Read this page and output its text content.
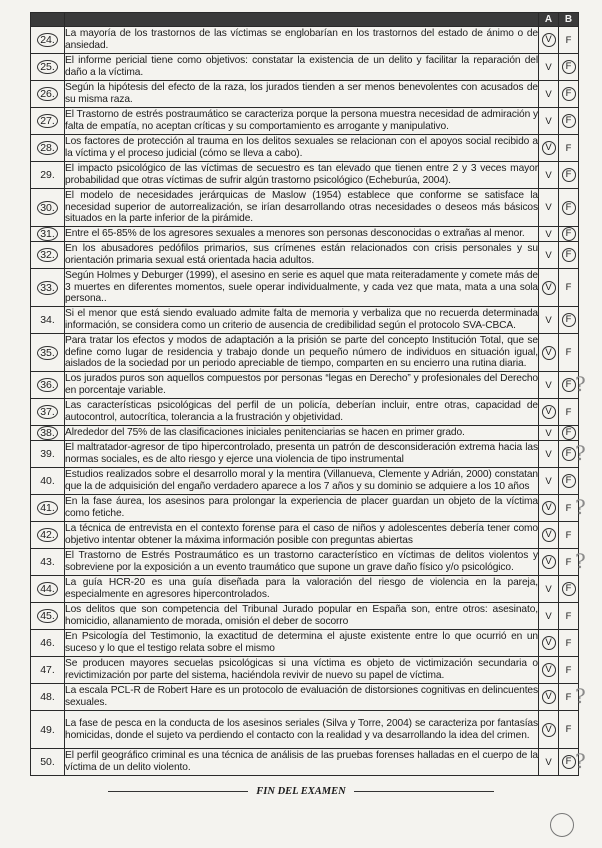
		A	B
24.	La mayoría de los trastornos de las víctimas se englobarían en los trastornos del estado de ánimo o de ansiedad.	V	F
25.	El informe pericial tiene como objetivos: constatar la existencia de un delito y facilitar la reparación del daño a la víctima.	V	F
26.	Según la hipótesis del efecto de la raza, los jurados tienden a ser menos benevolentes con acusados de su misma raza.	V	F
27.	El Trastorno de estrés postraumático se caracteriza porque la persona muestra necesidad de admiración y falta de empatía, no aceptan críticas y su comportamiento es arrogante y manipulativo.	V	F
28.	Los factores de protección al trauma en los delitos sexuales se relacionan con el apoyos social recibido a la víctima y el proceso judicial (cómo se lleva a cabo).	V	F
29.	El impacto psicológico de las víctimas de secuestro es tan elevado que tienen entre 2 y 3 veces mayor probabilidad que otras víctimas de sufrir algún trastorno psicológico (Echeburúa, 2004).	V	F
30.	El modelo de necesidades jerárquicas de Maslow (1954) establece que conforme se satisface la necesidad superior de autorrealización, se irían desarrollando otras necesidades o deseos más básicos situados en la parte inferior de la pirámide.	V	F
31.	Entre el 65-85% de los agresores sexuales a menores son personas desconocidas o extrañas al menor.	V	F
32.	En los abusadores pedófilos primarios, sus crímenes están relacionados con crisis personales y su orientación primaria sexual está orientada hacia adultos.	V	F
33.	Según Holmes y Deburger (1999), el asesino en serie es aquel que mata reiteradamente y comete más de 3 muertes en diferentes momentos, suele operar individualmente, y cada vez que mata, mata a una sola persona..	V	F
34.	Si el menor que está siendo evaluado admite falta de memoria y verbaliza que no recuerda determinada información, se considera como un criterio de ausencia de credibilidad según el protocolo SVA-CBCA.	V	F
35.	Para tratar los efectos y modos de adaptación a la prisión se parte del concepto Institución Total, que se define como lugar de residencia y trabajo donde un pequeño número de individuos en situación igual, aislados de la sociedad por un periodo apreciable de tiempo, comparten en su encierro una rutina diaria.	V	F
36.	Los jurados puros son aquellos compuestos por personas “legas en Derecho” y profesionales del Derecho en porcentaje variable.	V	F
37.	Las características psicológicas del perfil de un policía, deberían incluir, entre otras, capacidad de autocontrol, autocrítica, tolerancia a la frustración y objetividad.	V	F
38.	Alrededor del 75% de las clasificaciones iniciales penitenciarias se hacen en primer grado.	V	F
39.	El maltratador-agresor de tipo hipercontrolado, presenta un patrón de desconsideración extrema hacia las normas sociales, es de alto riesgo y ejerce una violencia de tipo instrumental	V	F
40.	Estudios realizados sobre el desarrollo moral y la mentira (Villanueva, Clemente y Adrián, 2000) constatan que la de adquisición del engaño verdadero aparece a los 7 años y su dominio se adquiere a los 10 años	V	F
41.	En la fase áurea, los asesinos para prolongar la experiencia de placer guardan un objeto de la víctima como fetiche.	V	F
42.	La técnica de entrevista en el contexto forense para el caso de niños y adolescentes debería tener como objetivo intentar obtener la máxima información posible con preguntas abiertas	V	F
43.	El Trastorno de Estrés Postraumático es un trastorno característico en víctimas de delitos violentos y sobreviene por la exposición a un evento traumático que supone un grave daño físico y/o psicológico.	V	F
44.	La guía HCR-20 es una guía diseñada para la valoración del riesgo de violencia en la pareja, especialmente en agresores hipercontrolados.	V	F
45.	Los delitos que son competencia del Tribunal Jurado popular en España son, entre otros: asesinato, homicidio, allanamiento de morada, omisión el deber de socorro	V	F
46.	En Psicología del Testimonio, la exactitud de determina el ajuste existente entre lo que ocurrió en un suceso y lo que el testigo relata sobre el mismo	V	F
47.	Se producen mayores secuelas psicológicas si una víctima es objeto de victimización secundaria o revictimización por parte del sistema, haciéndola revivir de nuevo su papel de víctima.	V	F
48.	La escala PCL-R de Robert Hare es un protocolo de evaluación de distorsiones cognitivas en delincuentes sexuales.	V	F
49.	La fase de pesca en la conducta de los asesinos seriales (Silva y Torre, 2004) se caracteriza por fantasías homicidas, donde el sujeto va perdiendo el contacto con la realidad y va desarrollando la idea del crimen.	V	F
50.	El perfil geográfico criminal es una técnica de análisis de las pruebas forenses halladas en el cuerpo de la víctima de un delito violento.	V	F
?
?
?
?
?
?
FIN DEL EXAMEN
